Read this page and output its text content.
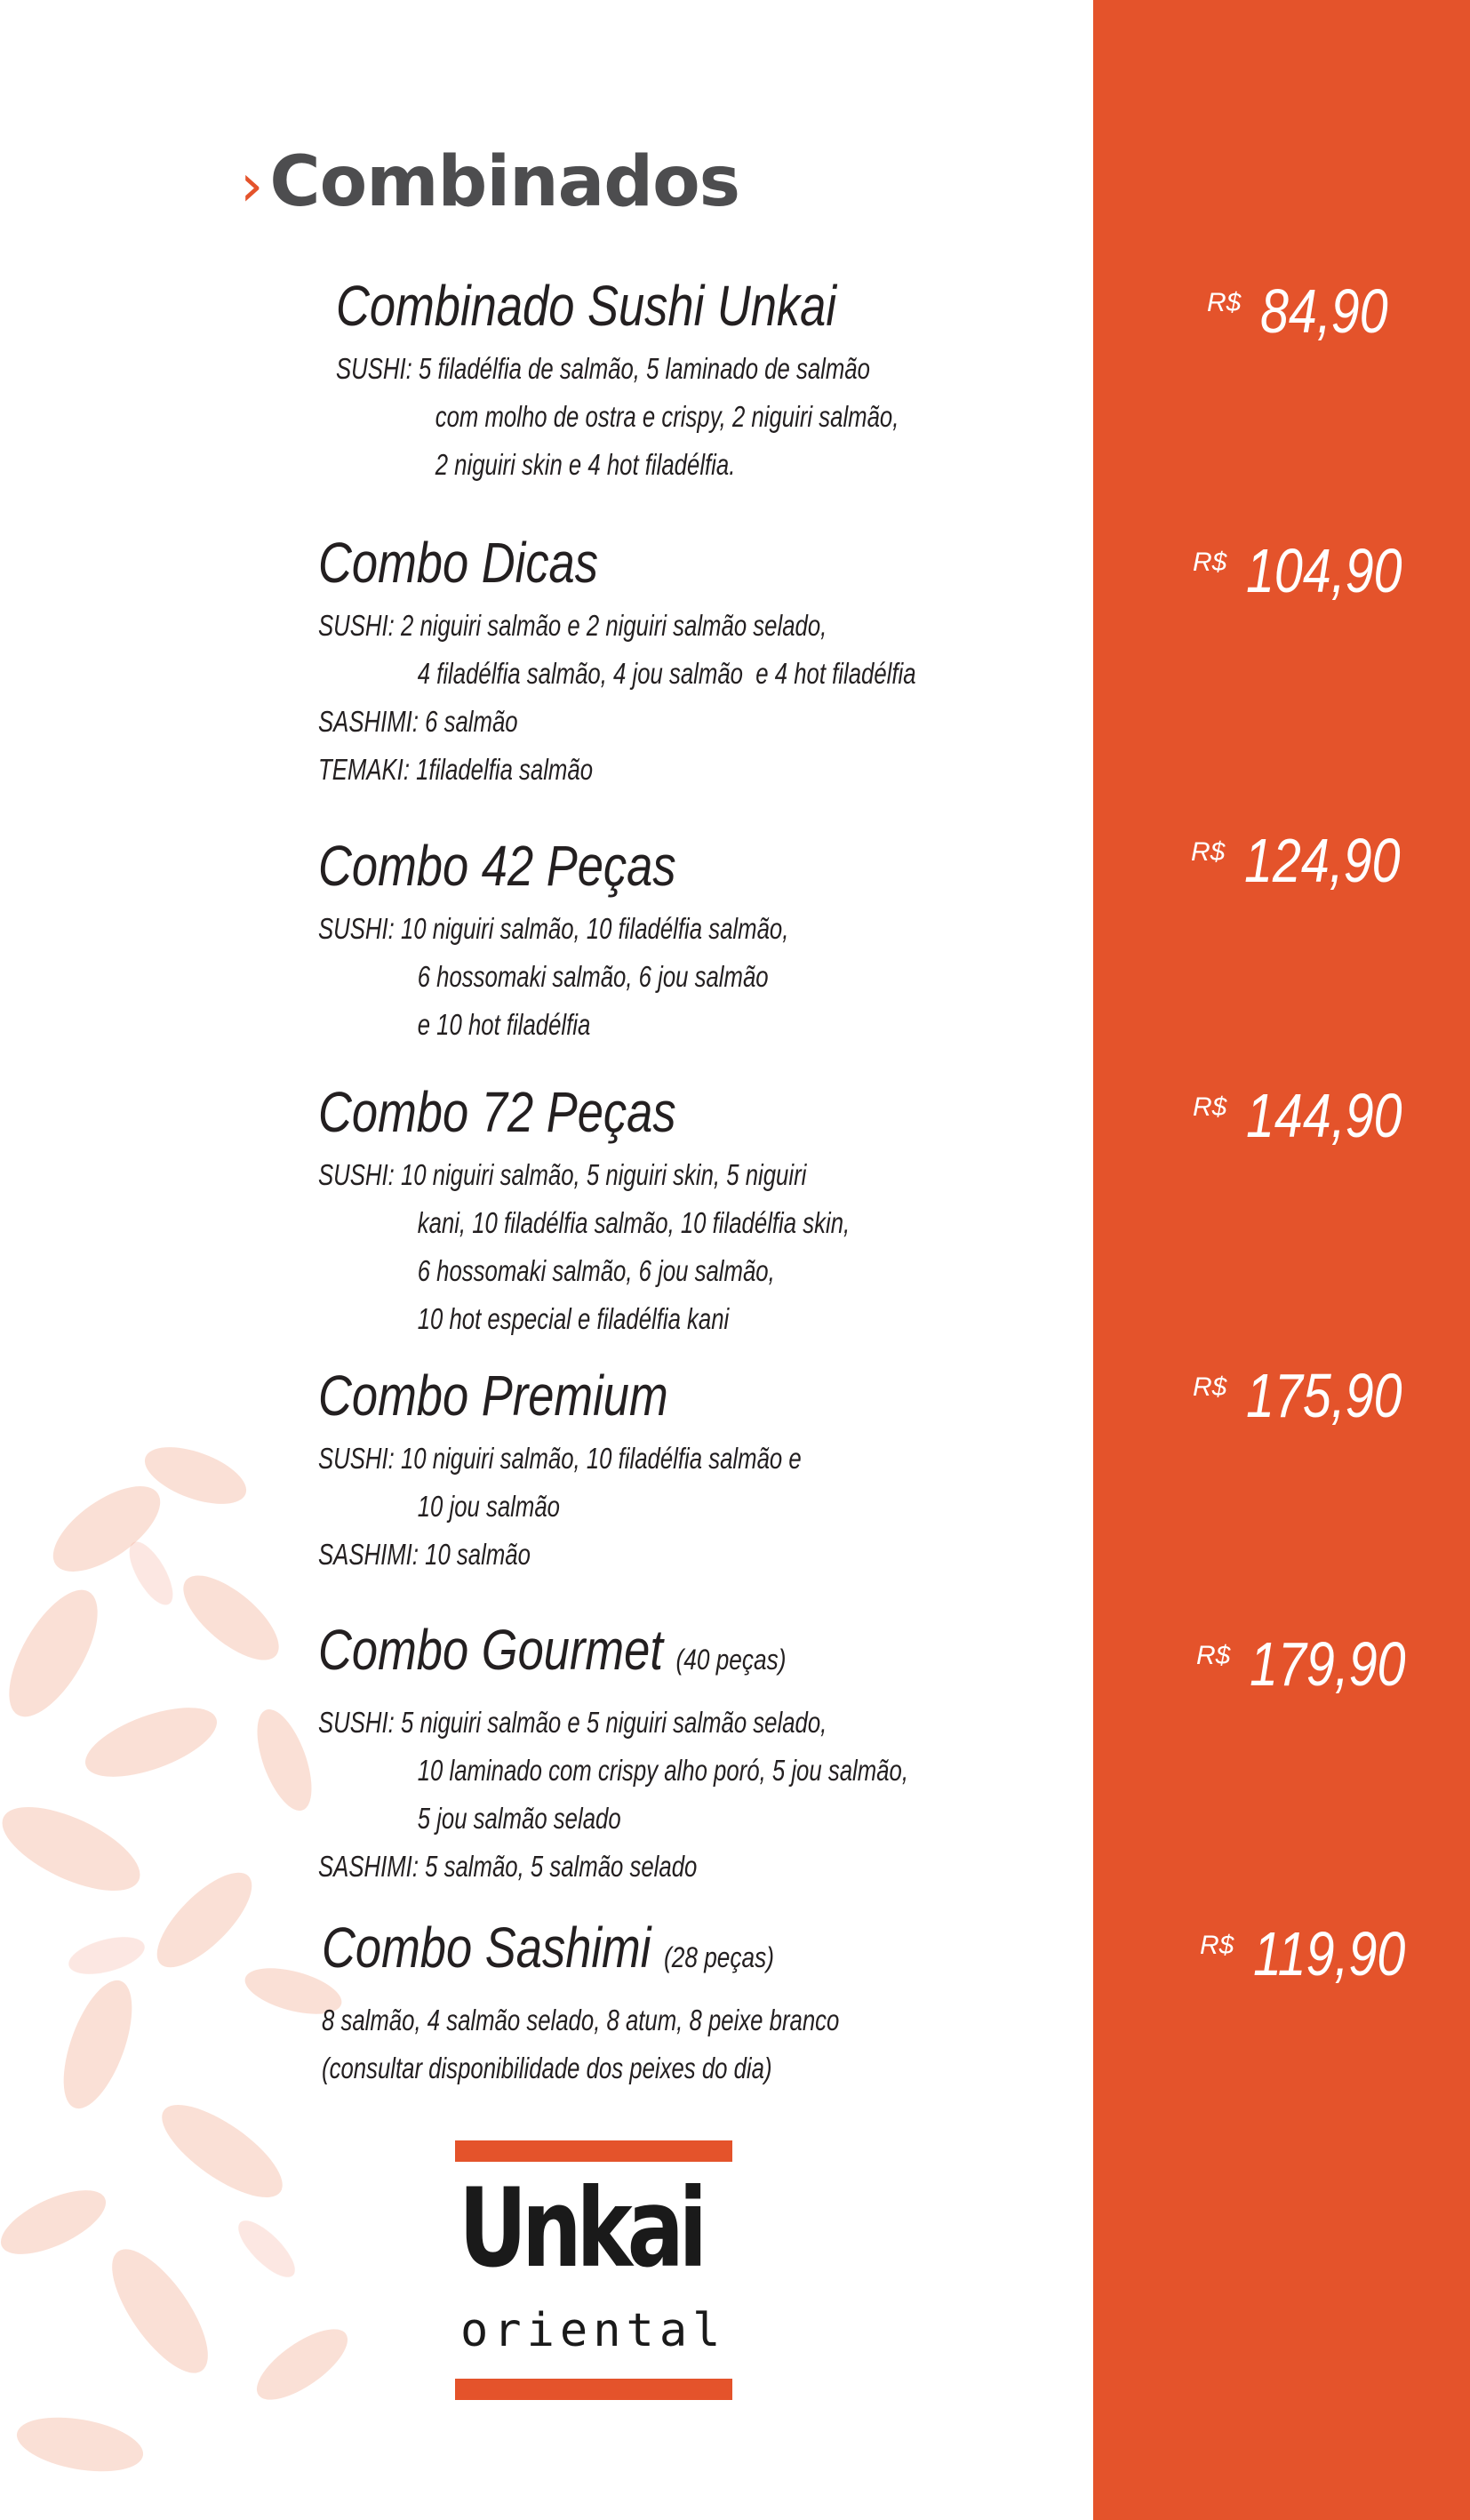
› Combinados
Combinado Sushi Unkai
SUSHI: 5 filadélfia de salmão, 5 laminado de salmão
com molho de ostra e crispy, 2 niguiri salmão,
2 niguiri skin e 4 hot filadélfia.
Combo Dicas
SUSHI: 2 niguiri salmão e 2 niguiri salmão selado,
4 filadélfia salmão, 4 jou salmão  e 4 hot filadélfia
SASHIMI: 6 salmão
TEMAKI: 1filadelfia salmão
Combo 42 Peças
SUSHI: 10 niguiri salmão, 10 filadélfia salmão,
6 hossomaki salmão, 6 jou salmão
e 10 hot filadélfia
Combo 72 Peças
SUSHI: 10 niguiri salmão, 5 niguiri skin, 5 niguiri
kani, 10 filadélfia salmão, 10 filadélfia skin,
6 hossomaki salmão, 6 jou salmão,
10 hot especial e filadélfia kani
Combo Premium
SUSHI: 10 niguiri salmão, 10 filadélfia salmão e
10 jou salmão
SASHIMI: 10 salmão
Combo Gourmet (40 peças)
SUSHI: 5 niguiri salmão e 5 niguiri salmão selado,
10 laminado com crispy alho poró, 5 jou salmão,
5 jou salmão selado
SASHIMI: 5 salmão, 5 salmão selado
Combo Sashimi (28 peças)
8 salmão, 4 salmão selado, 8 atum, 8 peixe branco
(consultar disponibilidade dos peixes do dia)
Unkai
oriental
R$ 84,90
R$ 104,90
R$ 124,90
R$ 144,90
R$ 175,90
R$ 179,90
R$ 119,90
